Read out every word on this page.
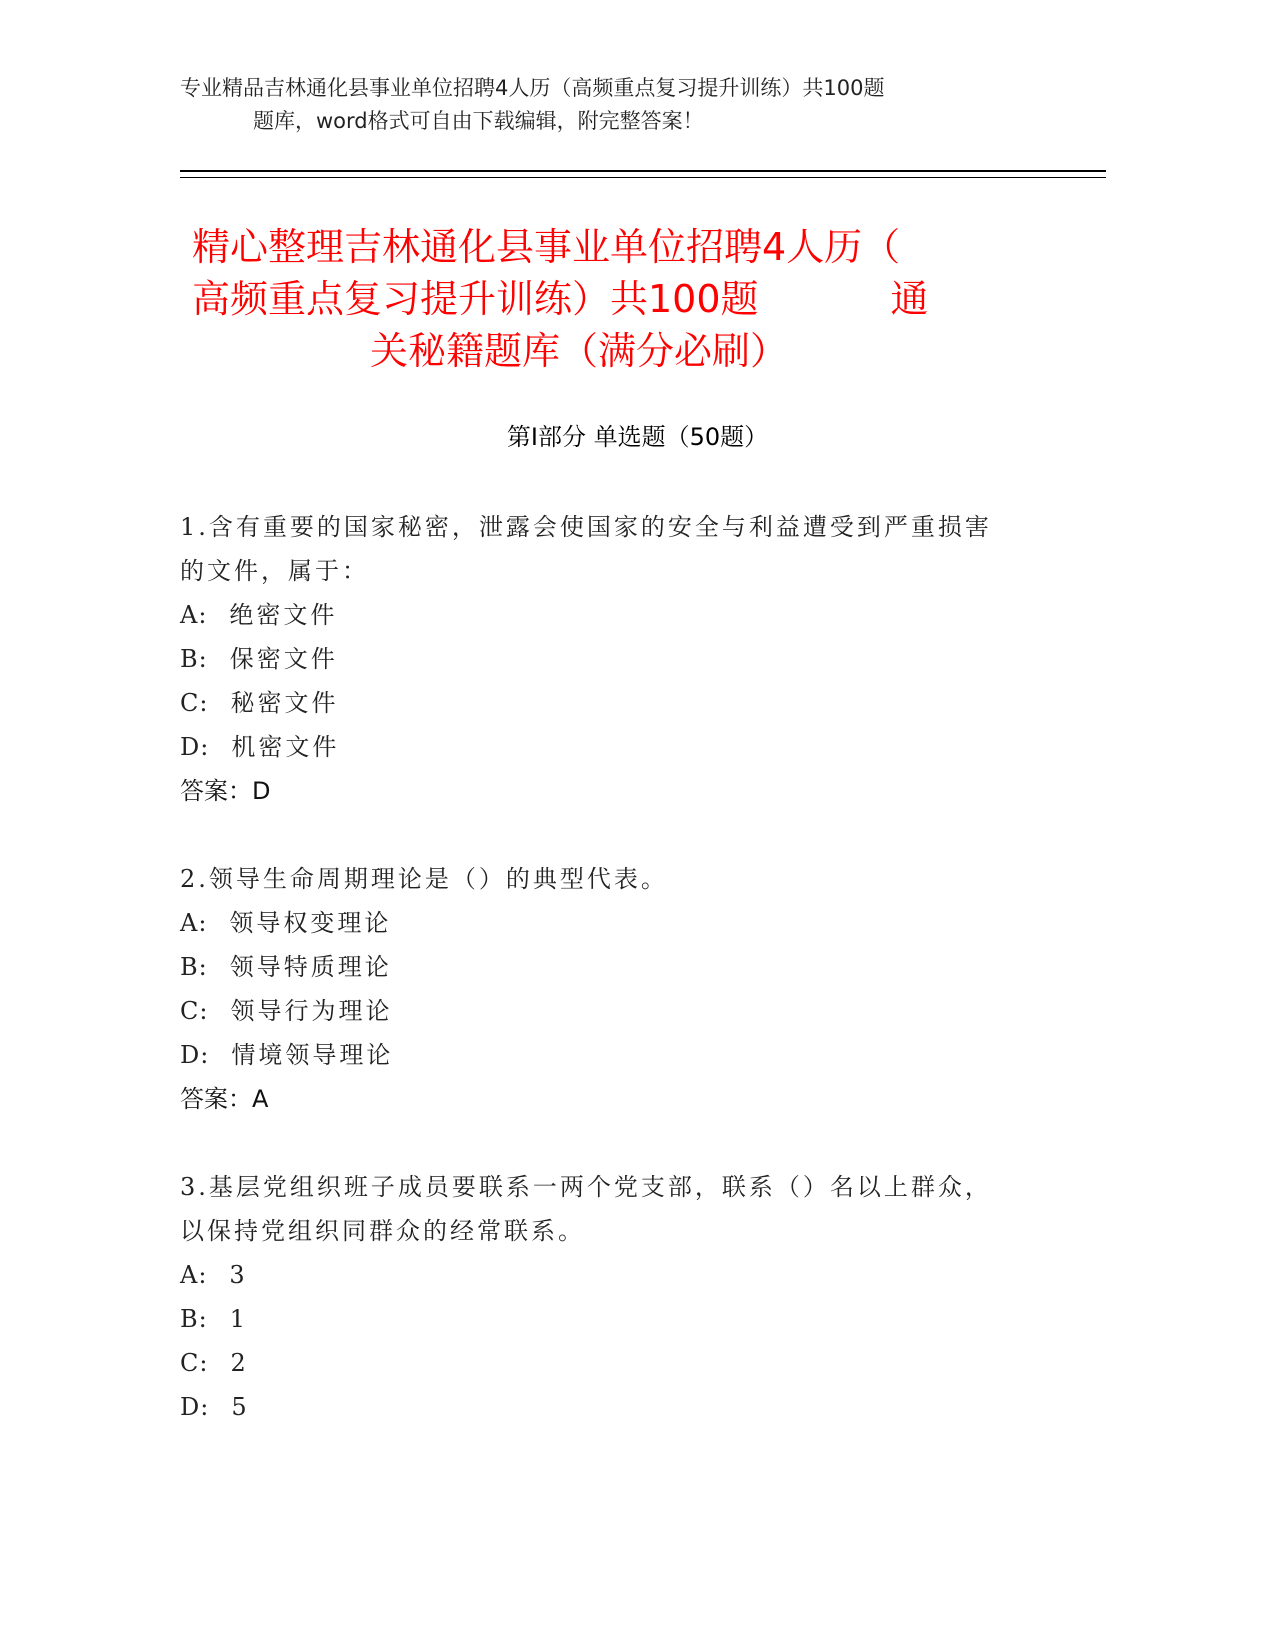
专业精品吉林通化县事业单位招聘4人历（高频重点复习提升训练）共100题
题库，word格式可自由下载编辑，附完整答案！
精心整理吉林通化县事业单位招聘4人历（
高频重点复习提升训练）共100题	通
关秘籍题库（满分必刷）
第Ⅰ部分 单选题（50题）
1.含有重要的国家秘密，泄露会使国家的安全与利益遭受到严重损害
的文件，属于：
A: 绝密文件
B: 保密文件
C: 秘密文件
D: 机密文件
答案：D
2.领导生命周期理论是（）的典型代表。
A: 领导权变理论
B: 领导特质理论
C: 领导行为理论
D: 情境领导理论
答案：A
3.基层党组织班子成员要联系一两个党支部，联系（）名以上群众，
以保持党组织同群众的经常联系。
A: 3
B: 1
C: 2
D: 5
